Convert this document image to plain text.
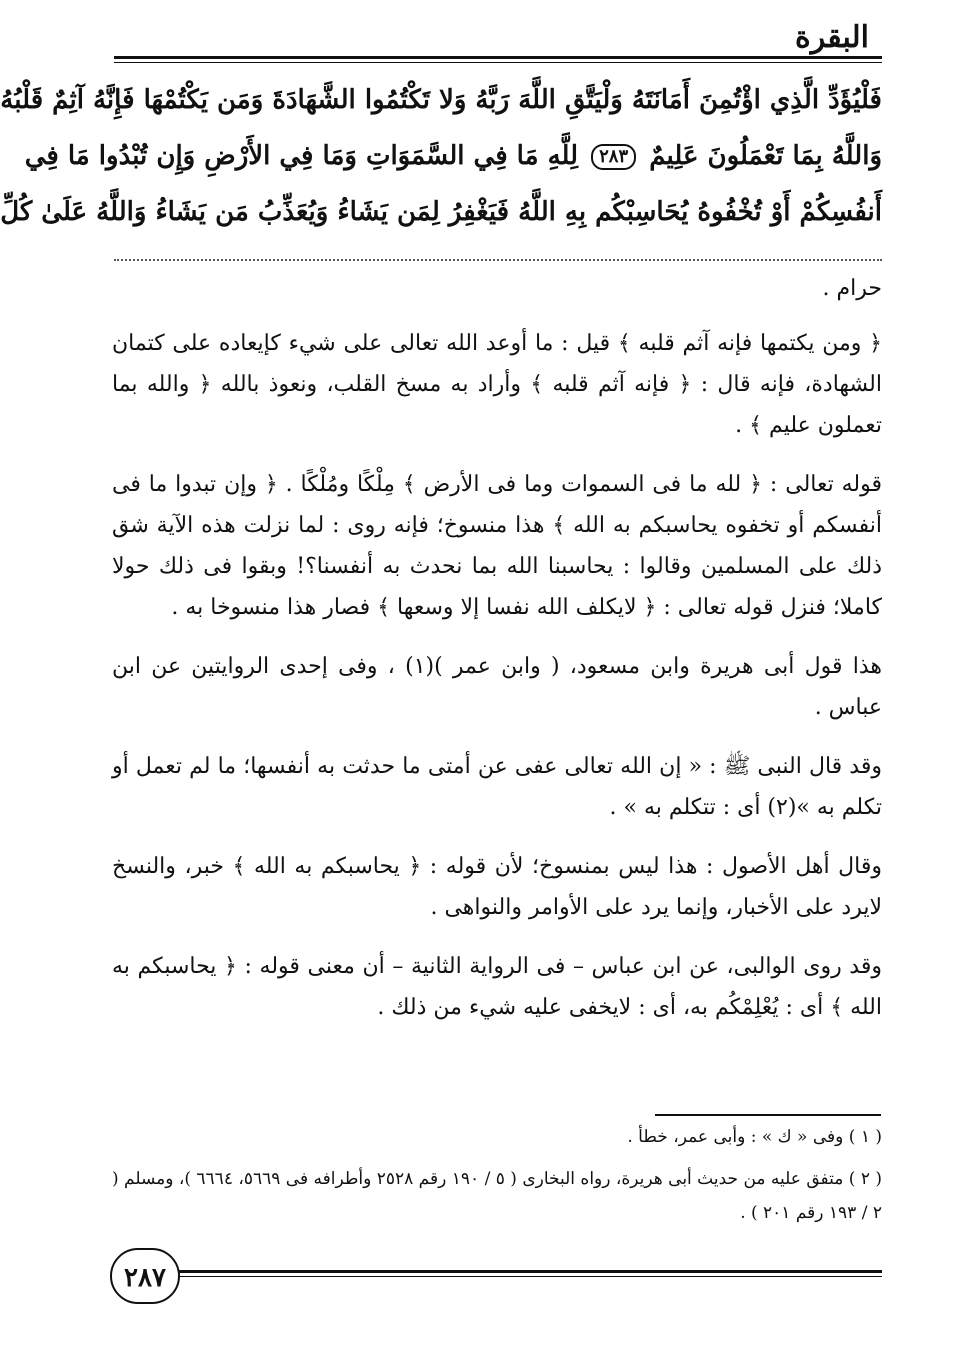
البقرة
فَلْيُؤَدِّ الَّذِي اؤْتُمِنَ أَمَانَتَهُ وَلْيَتَّقِ اللَّهَ رَبَّهُ وَلا تَكْتُمُوا الشَّهَادَةَ وَمَن يَكْتُمْهَا فَإِنَّهُ آثِمٌ قَلْبُهُ
وَاللَّهُ بِمَا تَعْمَلُونَ عَلِيمٌ ٢٨٣ لِلَّهِ مَا فِي السَّمَوَاتِ وَمَا فِي الأَرْضِ وَإِن تُبْدُوا مَا فِي
أَنفُسِكُمْ أَوْ تُخْفُوهُ يُحَاسِبْكُم بِهِ اللَّهُ فَيَغْفِرُ لِمَن يَشَاءُ وَيُعَذِّبُ مَن يَشَاءُ وَاللَّهُ عَلَىٰ كُلِّ

حرام .

﴿ ومن يكتمها فإنه آثم قلبه ﴾ قيل : ما أوعد الله تعالى على شيء كإيعاده على كتمان الشهادة، فإنه قال : ﴿ فإنه آثم قلبه ﴾ وأراد به مسخ القلب، ونعوذ بالله ﴿ والله بما تعملون عليم ﴾ .

قوله تعالى : ﴿ لله ما فى السموات وما فى الأرض ﴾ مِلْكًا ومُلْكًا . ﴿ وإن تبدوا ما فى أنفسكم أو تخفوه يحاسبكم به الله ﴾ هذا منسوخ؛ فإنه روى : لما نزلت هذه الآية شق ذلك على المسلمين وقالوا : يحاسبنا الله بما نحدث به أنفسنا؟! وبقوا فى ذلك حولا كاملا؛ فنزل قوله تعالى : ﴿ لايكلف الله نفسا إلا وسعها ﴾ فصار هذا منسوخا به .

هذا قول أبى هريرة وابن مسعود، ( وابن عمر )(١) ، وفى إحدى الروايتين عن ابن عباس .

وقد قال النبى ﷺ : « إن الله تعالى عفى عن أمتى ما حدثت به أنفسها؛ ما لم تعمل أو تكلم به »(٢) أى : تتكلم به » .

وقال أهل الأصول : هذا ليس بمنسوخ؛ لأن قوله : ﴿ يحاسبكم به الله ﴾ خبر، والنسخ لايرد على الأخبار، وإنما يرد على الأوامر والنواهى .

وقد روى الوالبى، عن ابن عباس – فى الرواية الثانية – أن معنى قوله : ﴿ يحاسبكم به الله ﴾ أى : يُعْلِمْكُم به، أى : لايخفى عليه شيء من ذلك .

( ١ ) وفى « ك » : وأبى عمر، خطأ .

( ٢ ) متفق عليه من حديث أبى هريرة، رواه البخارى ( ٥ / ١٩٠ رقم ٢٥٢٨ وأطرافه فى ٥٦٦٩، ٦٦٦٤ )، ومسلم ( ٢ / ١٩٣ رقم ٢٠١ ) .

٢٨٧
